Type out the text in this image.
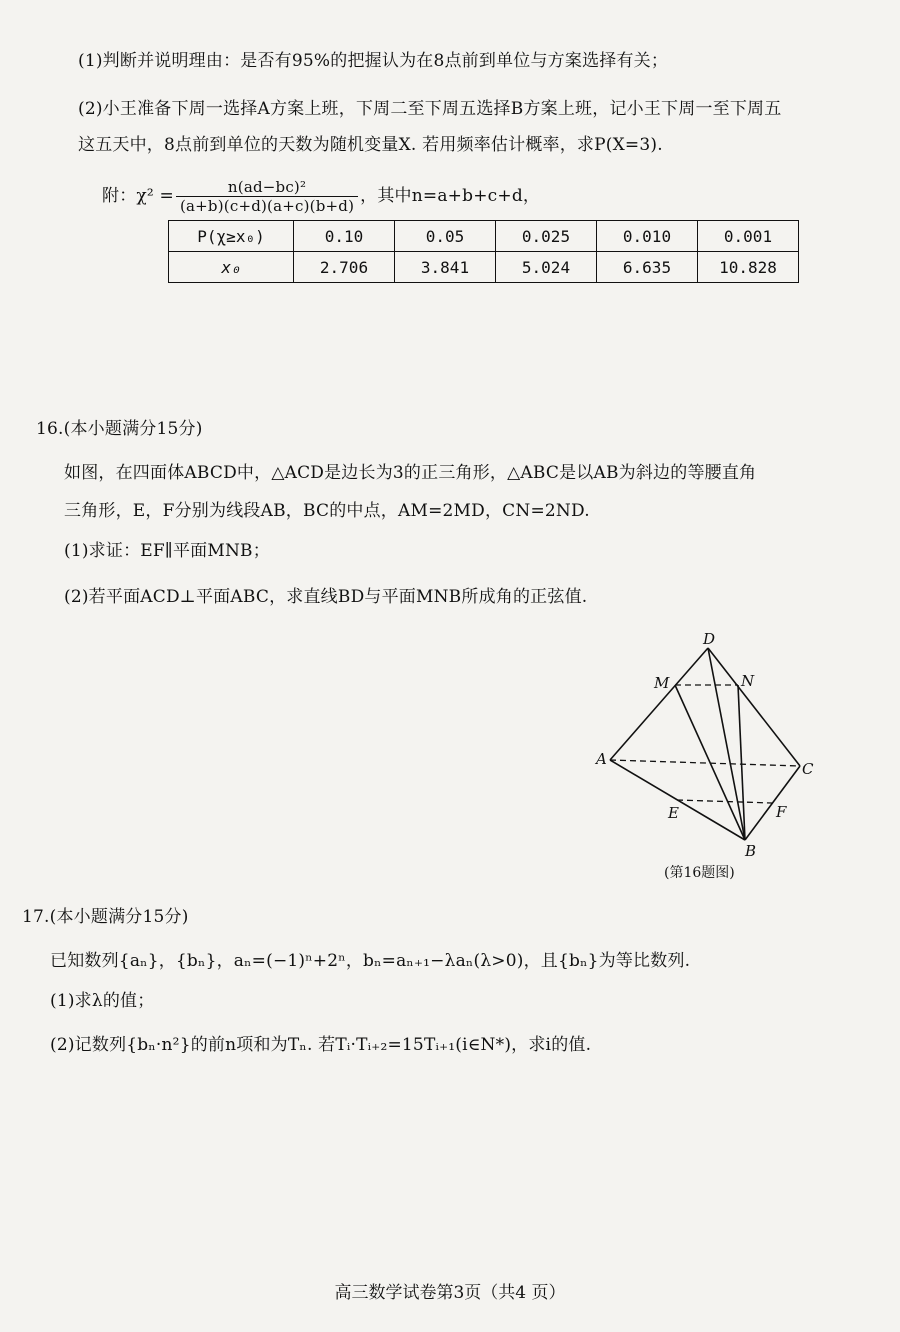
(1)判断并说明理由：是否有95%的把握认为在8点前到单位与方案选择有关；
(2)小王准备下周一选择A方案上班，下周二至下周五选择B方案上班，记小王下周一至下周五
这五天中，8点前到单位的天数为随机变量X. 若用频率估计概率，求P(X=3).
附：$\chi^2 = \frac{\text{n(ad−bc)²}}{(a+b)(c+d)(a+c)(b+d)}$ ，其中n=a+b+c+d，
P(χ≥x₀)	0.10	0.05	0.025	0.010	0.001
x₀	2.706	3.841	5.024	6.635	10.828
16.(本小题满分15分)
如图，在四面体ABCD中，△ACD是边长为3的正三角形，△ABC是以AB为斜边的等腰直角
三角形，E，F分别为线段AB，BC的中点，AM=2MD，CN=2ND.
(1)求证：EF∥平面MNB；
(2)若平面ACD⊥平面ABC，求直线BD与平面MNB所成角的正弦值.
D
M	N
A
C
E	F
B
(第16题图)
17.(本小题满分15分)
已知数列{aₙ}，{bₙ}，aₙ=(−1)ⁿ+2ⁿ，bₙ=aₙ₊₁−λaₙ(λ>0)，且{bₙ}为等比数列.
(1)求λ的值；
(2)记数列{bₙ·n²}的前n项和为Tₙ. 若Tᵢ·Tᵢ₊₂=15Tᵢ₊₁(i∈N*)，求i的值.
高三数学试卷第3页（共4 页）
